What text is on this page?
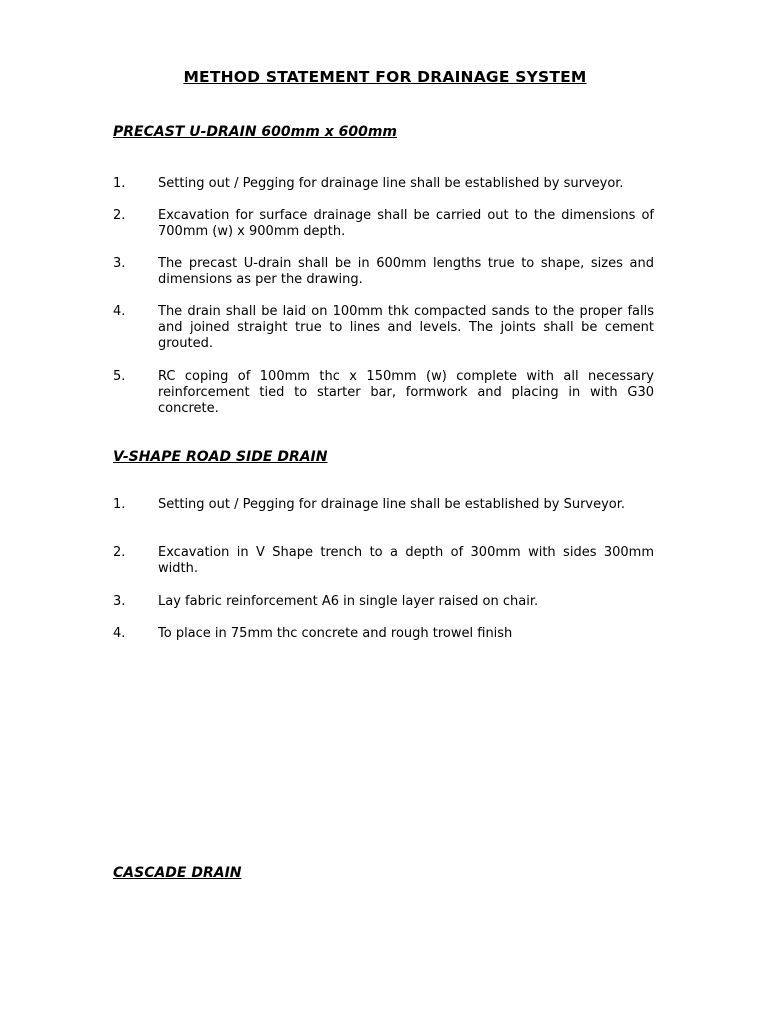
METHOD STATEMENT FOR DRAINAGE SYSTEM
PRECAST U-DRAIN 600mm x 600mm
1.	Setting out / Pegging for drainage line shall be established by surveyor.
2.	Excavation for surface drainage shall be carried out to the dimensions of 700mm (w) x 900mm depth.
3.	The precast U-drain shall be in 600mm lengths true to shape, sizes and dimensions as per the drawing.
4.	The drain shall be laid on 100mm thk compacted sands to the proper falls and joined straight true to lines and levels. The joints shall be cement grouted.
5.	RC coping of 100mm thc x 150mm (w) complete with all necessary reinforcement tied to starter bar, formwork and placing in with G30 concrete.
V-SHAPE ROAD SIDE DRAIN
1.	Setting out / Pegging for drainage line shall be established by Surveyor.
2.	Excavation in V Shape trench to a depth of 300mm with sides 300mm width.
3.	Lay fabric reinforcement A6 in single layer raised on chair.
4.	To place in 75mm thc concrete and rough trowel finish
CASCADE DRAIN
